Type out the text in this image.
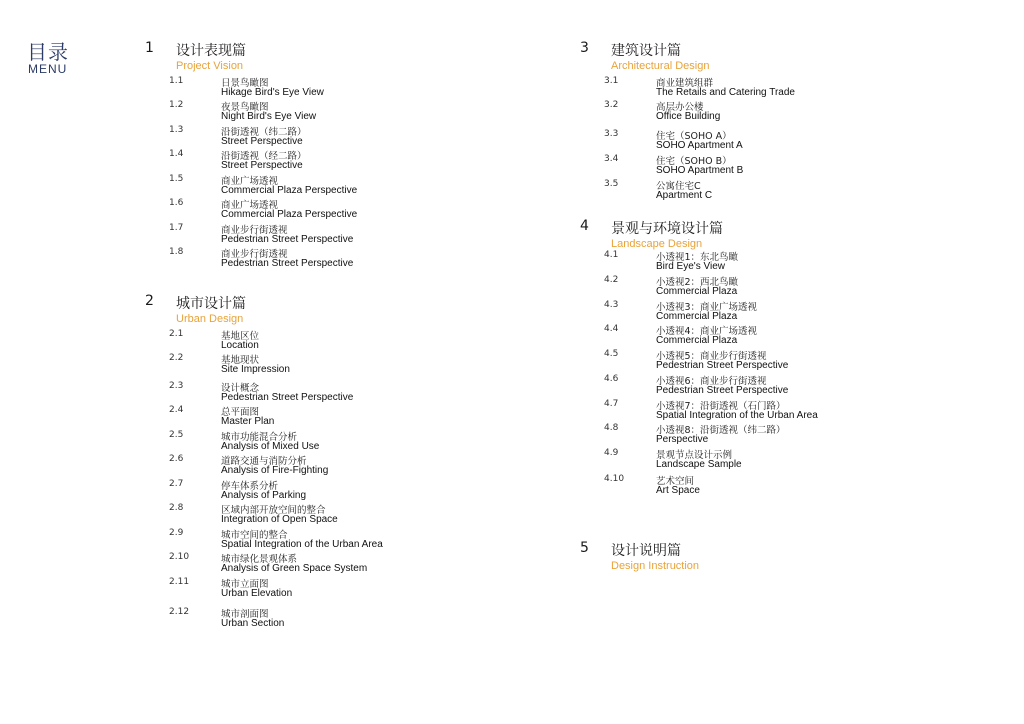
目录
MENU
1 设计表现篇
Project Vision
1.1	日景鸟瞰图
Hikage Bird's Eye View
1.2	夜景鸟瞰图
Night Bird's Eye View
1.3	沿街透视（纬二路）
Street Perspective
1.4	沿街透视（经二路）
Street Perspective
1.5	商业广场透视
Commercial Plaza Perspective
1.6	商业广场透视
Commercial Plaza Perspective
1.7	商业步行街透视
Pedestrian Street Perspective
1.8	商业步行街透视
Pedestrian Street Perspective
2 城市设计篇
Urban Design
2.1	基地区位
Location
2.2	基地现状
Site Impression
2.3	设计概念
Pedestrian Street Perspective
2.4	总平面图
Master Plan
2.5	城市功能混合分析
Analysis of Mixed Use
2.6	道路交通与消防分析
Analysis of Fire-Fighting
2.7	停车体系分析
Analysis of Parking
2.8	区域内部开放空间的整合
Integration of Open Space
2.9	城市空间的整合
Spatial Integration of the Urban Area
2.10	城市绿化景观体系
Analysis of Green Space System
2.11	城市立面图
Urban Elevation
2.12	城市剖面图
Urban Section
3 建筑设计篇
Architectural Design
3.1	商业建筑组群
The Retails and Catering Trade
3.2	高层办公楼
Office Building
3.3	住宅（SOHO A）
SOHO Apartment A
3.4	住宅（SOHO B）
SOHO Apartment B
3.5	公寓住宅C
Apartment C
4 景观与环境设计篇
Landscape Design
4.1	小透视1：东北鸟瞰
Bird Eye's View
4.2	小透视2：西北鸟瞰
Commercial Plaza
4.3	小透视3：商业广场透视
Commercial Plaza
4.4	小透视4：商业广场透视
Commercial Plaza
4.5	小透视5：商业步行街透视
Pedestrian Street Perspective
4.6	小透视6：商业步行街透视
Pedestrian Street Perspective
4.7	小透视7：沿街透视（石门路）
Spatial Integration of the Urban Area
4.8	小透视8：沿街透视（纬二路）
Perspective
4.9	景观节点设计示例
Landscape Sample
4.10	艺术空间
Art Space
5 设计说明篇
Design Instruction
